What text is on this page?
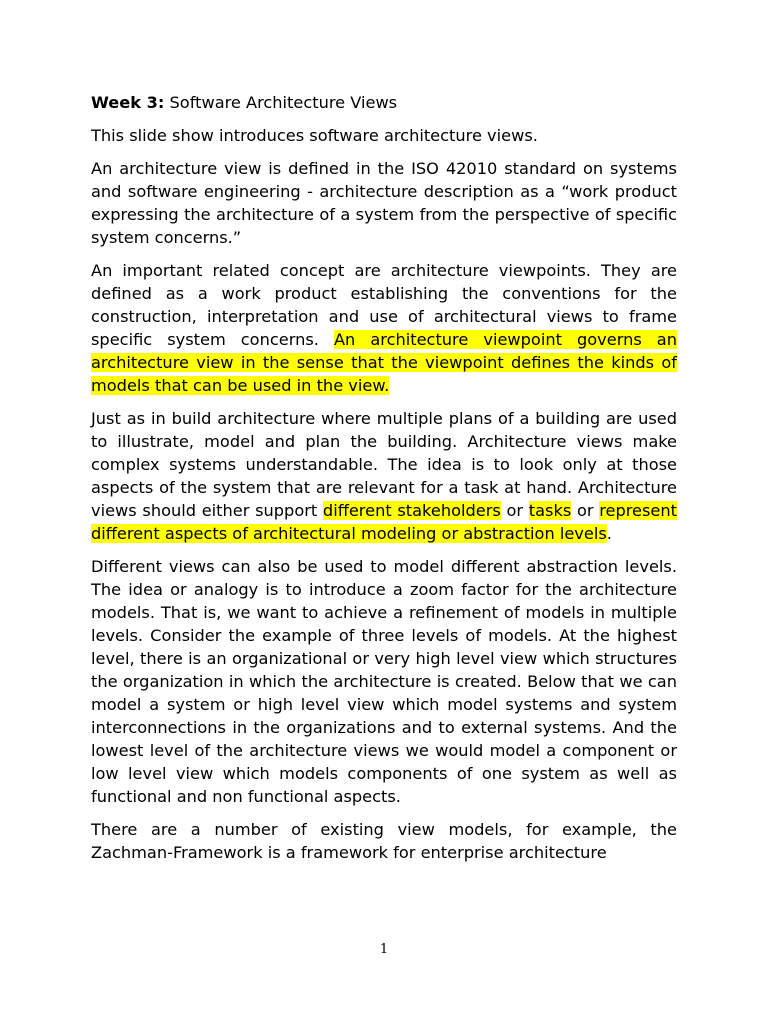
Week 3: Software Architecture Views

This slide show introduces software architecture views.

An architecture view is defined in the ISO 42010 standard on systems and software engineering - architecture description as a “work product expressing the architecture of a system from the perspective of specific system concerns.”

An important related concept are architecture viewpoints. They are defined as a work product establishing the conventions for the construction, interpretation and use of architectural views to frame specific system concerns. An architecture viewpoint governs an architecture view in the sense that the viewpoint defines the kinds of models that can be used in the view.

Just as in build architecture where multiple plans of a building are used to illustrate, model and plan the building. Architecture views make complex systems understandable. The idea is to look only at those aspects of the system that are relevant for a task at hand. Architecture views should either support different stakeholders or tasks or represent different aspects of architectural modeling or abstraction levels.

Different views can also be used to model different abstraction levels. The idea or analogy is to introduce a zoom factor for the architecture models. That is, we want to achieve a refinement of models in multiple levels. Consider the example of three levels of models. At the highest level, there is an organizational or very high level view which structures the organization in which the architecture is created. Below that we can model a system or high level view which model systems and system interconnections in the organizations and to external systems. And the lowest level of the architecture views we would model a component or low level view which models components of one system as well as functional and non functional aspects.

There are a number of existing view models, for example, the Zachman-Framework is a framework for enterprise architecture

1
